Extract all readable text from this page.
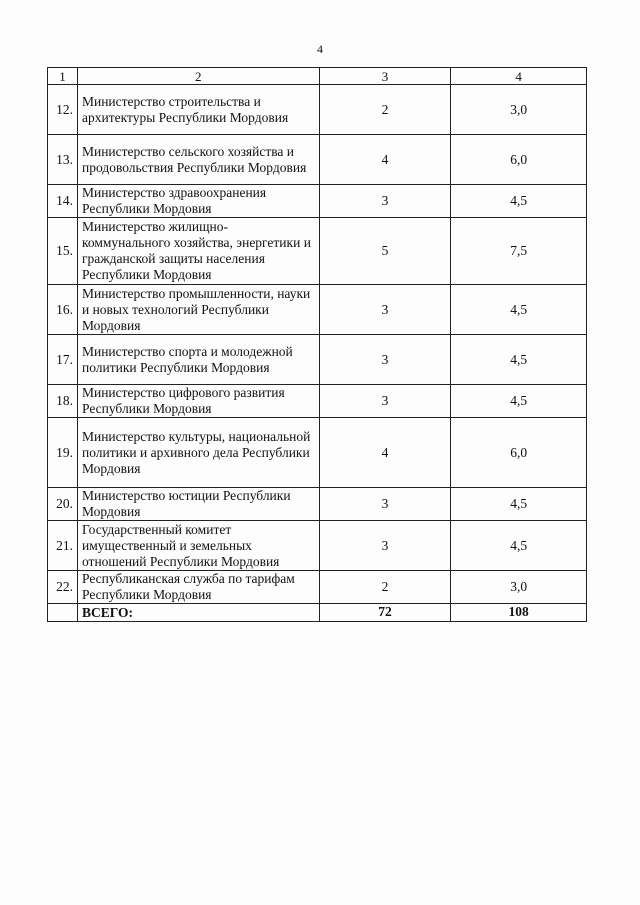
4
1	2	3	4
12.	Министерство строительства и архитектуры Республики Мордовия	2	3,0
13.	Министерство сельского хозяйства и продовольствия Республики Мордовия	4	6,0
14.	Министерство здравоохранения Республики Мордовия	3	4,5
15.	Министерство жилищно-коммунального хозяйства, энергетики и гражданской защиты населения Республики Мордовия	5	7,5
16.	Министерство промышленности, науки и новых технологий Республики Мордовия	3	4,5
17.	Министерство спорта и молодежной политики Республики Мордовия	3	4,5
18.	Министерство цифрового развития Республики Мордовия	3	4,5
19.	Министерство культуры, национальной политики и архивного дела Республики Мордовия	4	6,0
20.	Министерство юстиции Республики Мордовия	3	4,5
21.	Государственный комитет имущественный и земельных отношений Республики Мордовия	3	4,5
22.	Республиканская служба по тарифам Республики Мордовия	2	3,0
	ВСЕГО:	72	108
